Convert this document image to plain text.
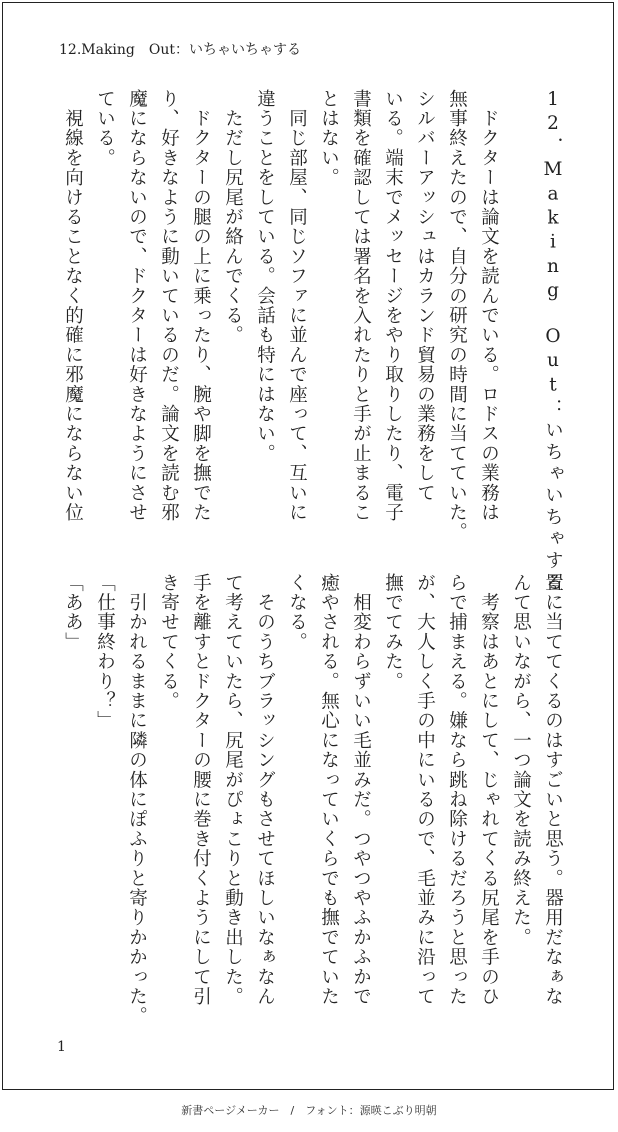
12.Making　Out：いちゃいちゃする
12．Making　Out：いちゃいちゃする
　ドクターは論文を読んでいる。ロドスの業務は
無事終えたので、自分の研究の時間に当てていた。
シルバーアッシュはカランド貿易の業務をして
いる。端末でメッセージをやり取りしたり、電子
書類を確認しては署名を入れたりと手が止まるこ
とはない。
　同じ部屋、同じソファに並んで座って、互いに
違うことをしている。会話も特にはない。
　ただし尻尾が絡んでくる。
　ドクターの腿の上に乗ったり、腕や脚を撫でた
り、好きなように動いているのだ。論文を読む邪
魔にならないので、ドクターは好きなようにさせ
ている。
　視線を向けることなく的確に邪魔にならない位
置に当ててくるのはすごいと思う。器用だなぁな
んて思いながら、一つ論文を読み終えた。
　考察はあとにして、じゃれてくる尻尾を手のひ
らで捕まえる。嫌なら跳ね除けるだろうと思った
が、大人しく手の中にいるので、毛並みに沿って
撫でてみた。
　相変わらずいい毛並みだ。つやつやふかふかで
癒やされる。無心になっていくらでも撫でていた
くなる。
　そのうちブラッシングもさせてほしいなぁなん
て考えていたら、尻尾がぴょこりと動き出した。
手を離すとドクターの腰に巻き付くようにして引
き寄せてくる。
　引かれるままに隣の体にぽふりと寄りかかった。
「仕事終わり？」
「ああ」
1
新書ページメーカー　/　フォント：源暎こぶり明朝
